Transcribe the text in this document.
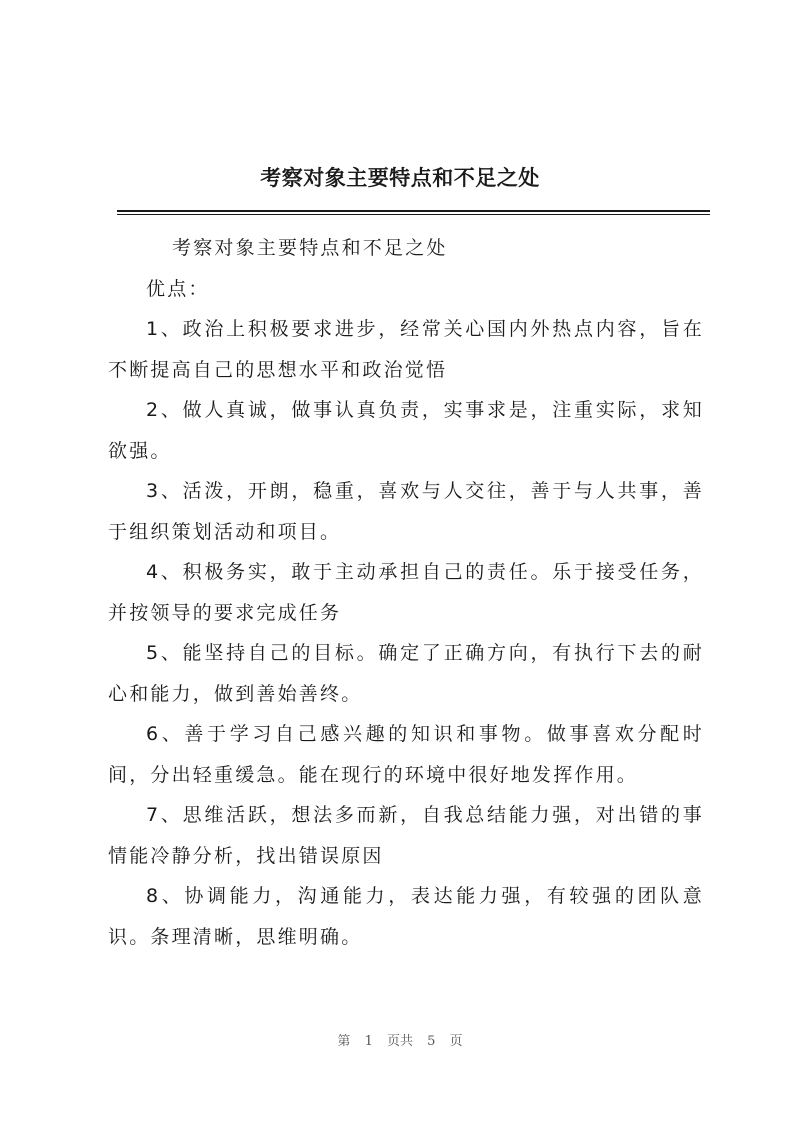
考察对象主要特点和不足之处

考察对象主要特点和不足之处

优点：

1、政治上积极要求进步，经常关心国内外热点内容，旨在不断提高自己的思想水平和政治觉悟

2、做人真诚，做事认真负责，实事求是，注重实际，求知欲强。

3、活泼，开朗，稳重，喜欢与人交往，善于与人共事，善于组织策划活动和项目。

4、积极务实，敢于主动承担自己的责任。乐于接受任务，并按领导的要求完成任务

5、能坚持自己的目标。确定了正确方向，有执行下去的耐心和能力，做到善始善终。

6、善于学习自己感兴趣的知识和事物。做事喜欢分配时间，分出轻重缓急。能在现行的环境中很好地发挥作用。

7、思维活跃，想法多而新，自我总结能力强，对出错的事情能冷静分析，找出错误原因

8、协调能力，沟通能力，表达能力强，有较强的团队意识。条理清晰，思维明确。

第 1 页共 5 页
